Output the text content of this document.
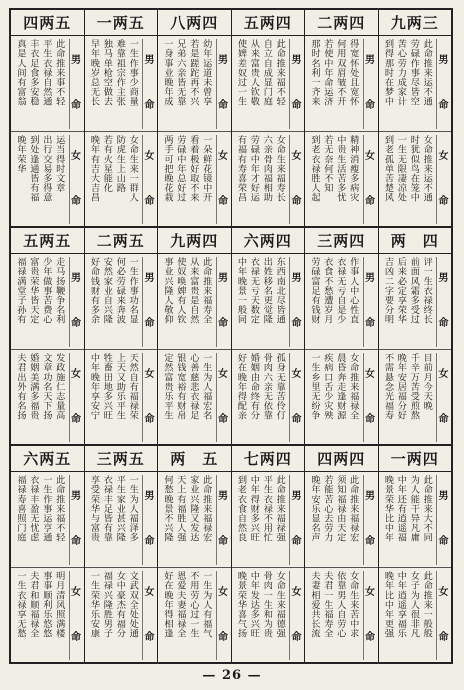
九两三
男
命
此命推来运不通
劳碌作事尽皆空
苦心劳力成家计
到得那时在梦中
女
命
女命推来运不通
时犹似鸟在笼中
一生无限凄凉处
到老孤单苦楚风
二两四
男
命
得宽怀处且宽怀
何用双眉皱不开
若使中年命运济
那时名利一齐来
女
命
精神消瘦多病灾
中贵生活苦多忧
若无奈何不知
到老衣禄胜人起
五两四
男
命
此命推来福不轻
自立自成显门庭
从来富贵人钦敬
使婢差奴过一生
女
命
女命生来福寿长
六亲骨肉福相助
劳碌中年才好运
有福有寿喜荣昌
八两四
男
命
幼年运道未曾享
若是蹉跎再不兴
兄弟六亲皆无靠
一身事业晚年成
女
命
一朵鲜花镜中开
看着极好取不来
劳碌中年总好过
两手可把晚花栽
一两五
男
命
一生作事少商量
难靠祖宗作主张
独马单枪空做去
早年晚岁总无长
女
命
女命生来一群人
防虎生上山路
若有火星能化
晚年有吉大吉昌
四两五
男
命
此命推来事不轻
平生衣禄自然通
丰衣足食多安稳
真是人间有富翁
女
命
运当得时文章
出行交易多得意
到处逢通皆有福
晚年荣华
两　四
男
命
评一生衣禄终长
前面风霜多受过
后来必定享荣华
吉凶二字要分明
女
命
目前月今天晚
千辛万苦受煎熬
晚年安居福分好
不需悬念光福寿
三两四
男
命
作事人中心性直
衣禄无亏自是少
衣食不愁遭岁月
劳碌富足有钱财
女
命
女命推来福禄全
晨昏奔走逢财源
疾病口舌少灾殃
一生乡里无纷争
六两四
男
命
东西南北尽皆通
出姓移名更觉隆
衣禄无亏天数定
中年晚景一般同
女
命
孤身无靠苦伶仃
骨肉六亲无依靠
婚姻由命终有分
好在晚年得配亲
九两四
男
命
此命推来福寿全
从来富贵是自然
使奴唤婢有人钦
事业兴隆人敬仰
女
命
一生为人福宏名
心善慈悲衣禄足
银钱宽裕有财帛
定然富贵乐平生
二两五
男
命
一生作事功名显
何必劳碌来奔波
安然家业自兴隆
好命钱财有多余
女
命
天然自有福禄荣
上天又助乐平生
牲畜田地多兴旺
中年晚年享安宁
五两五
男
命
走马扬鞭争名利
少年做事苦费心
富贵荣华皆天定
福禄满堂子孙有
女
命
发政施仁志量高
文章功名天下扬
婚姻美满多福贵
夫君出外有名扬
一两四
男
命
此命推来大不同
为人能干异凡庸
中年还有逍遥福
晚景荣华比中年
女
命
此命推来一般般
女子为人很非凡
中年逍遥享福乐
晚年比中年更强
四两四
男
命
此命推来福禄宏
须知福禄由天定
若能苦心去劳力
晚年安乐显名声
女
命
女命生来苦中求
依靠男人自劳心
夫君一生福寿全
夫妻相爱共长流
七两四
男
命
此命推来福禄强
平生衣禄不用忙
中年得财多兴旺
到老衣食自然良
女
命
女命生来福德强
骨肉一生和为贵
中年发达多兴旺
晚景荣华喜气扬
两　五
男
命
此命推来福禄宏
家业兴隆又发达
天上有福胜人强
何愁晚景不兴隆
女
命
一生为人有福气
不用劳心过一生
恩爱夫妻福禄全
好在晚年得相逢
三两五
男
命
一生为人福泽多
平生家业甚兴隆
衣禄丰足皆有靠
享受荣华与富贵
女
命
文武双全处处通
女中豪杰有福分
福禄兴隆胜男子
一生荣华乐安康
六两五
男
命
此命推来福不轻
一生作事运亨通
衣禄丰盈无忧虑
福禄寿喜照门庭
女
命
明月清风照满楼
事事顺利乐悠悠
夫君和顺福禄全
一生衣禄享无愁
— 26 —
